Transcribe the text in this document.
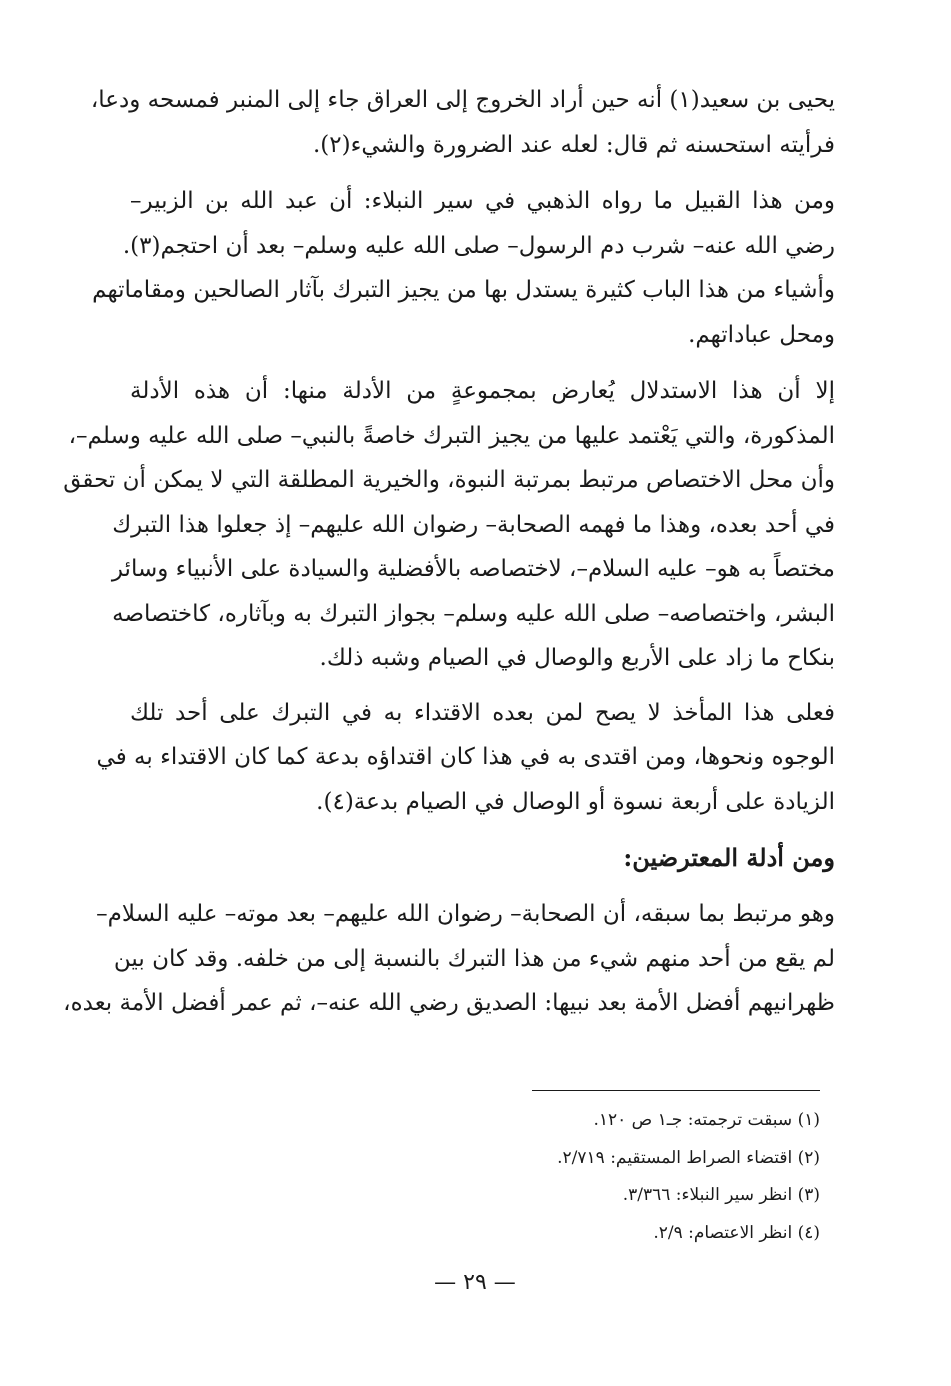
يحيى بن سعيد(١) أنه حين أراد الخروج إلى العراق جاء إلى المنبر فمسحه ودعا،
فرأيته استحسنه ثم قال: لعله عند الضرورة والشيء(٢).
ومن هذا القبيل ما رواه الذهبي في سير النبلاء: أن عبد الله بن الزبير–
رضي الله عنه– شرب دم الرسول– صلى الله عليه وسلم– بعد أن احتجم(٣).
وأشياء من هذا الباب كثيرة يستدل بها من يجيز التبرك بآثار الصالحين ومقاماتهم
ومحل عباداتهم.
إلا أن هذا الاستدلال يُعارض بمجموعةٍ من الأدلة منها: أن هذه الأدلة
المذكورة، والتي يَعْتمد عليها من يجيز التبرك خاصةً بالنبي– صلى الله عليه وسلم–،
وأن محل الاختصاص مرتبط بمرتبة النبوة، والخيرية المطلقة التي لا يمكن أن تحقق
في أحد بعده، وهذا ما فهمه الصحابة– رضوان الله عليهم– إذ جعلوا هذا التبرك
مختصاً به هو– عليه السلام–، لاختصاصه بالأفضلية والسيادة على الأنبياء وسائر
البشر، واختصاصه– صلى الله عليه وسلم– بجواز التبرك به وبآثاره، كاختصاصه
بنكاح ما زاد على الأربع والوصال في الصيام وشبه ذلك.
فعلى هذا المأخذ لا يصح لمن بعده الاقتداء به في التبرك على أحد تلك
الوجوه ونحوها، ومن اقتدى به في هذا كان اقتداؤه بدعة كما كان الاقتداء به في
الزيادة على أربعة نسوة أو الوصال في الصيام بدعة(٤).
ومن أدلة المعترضين:
وهو مرتبط بما سبقه، أن الصحابة– رضوان الله عليهم– بعد موته– عليه السلام–
لم يقع من أحد منهم شيء من هذا التبرك بالنسبة إلى من خلفه. وقد كان بين
ظهرانيهم أفضل الأمة بعد نبيها: الصديق رضي الله عنه–، ثم عمر أفضل الأمة بعده،
(١) سبقت ترجمته: جـ١ ص ١٢٠.
(٢) اقتضاء الصراط المستقيم: ٢/٧١٩.
(٣) انظر سير النبلاء: ٣/٣٦٦.
(٤) انظر الاعتصام: ٢/٩.
— ٢٩ —
